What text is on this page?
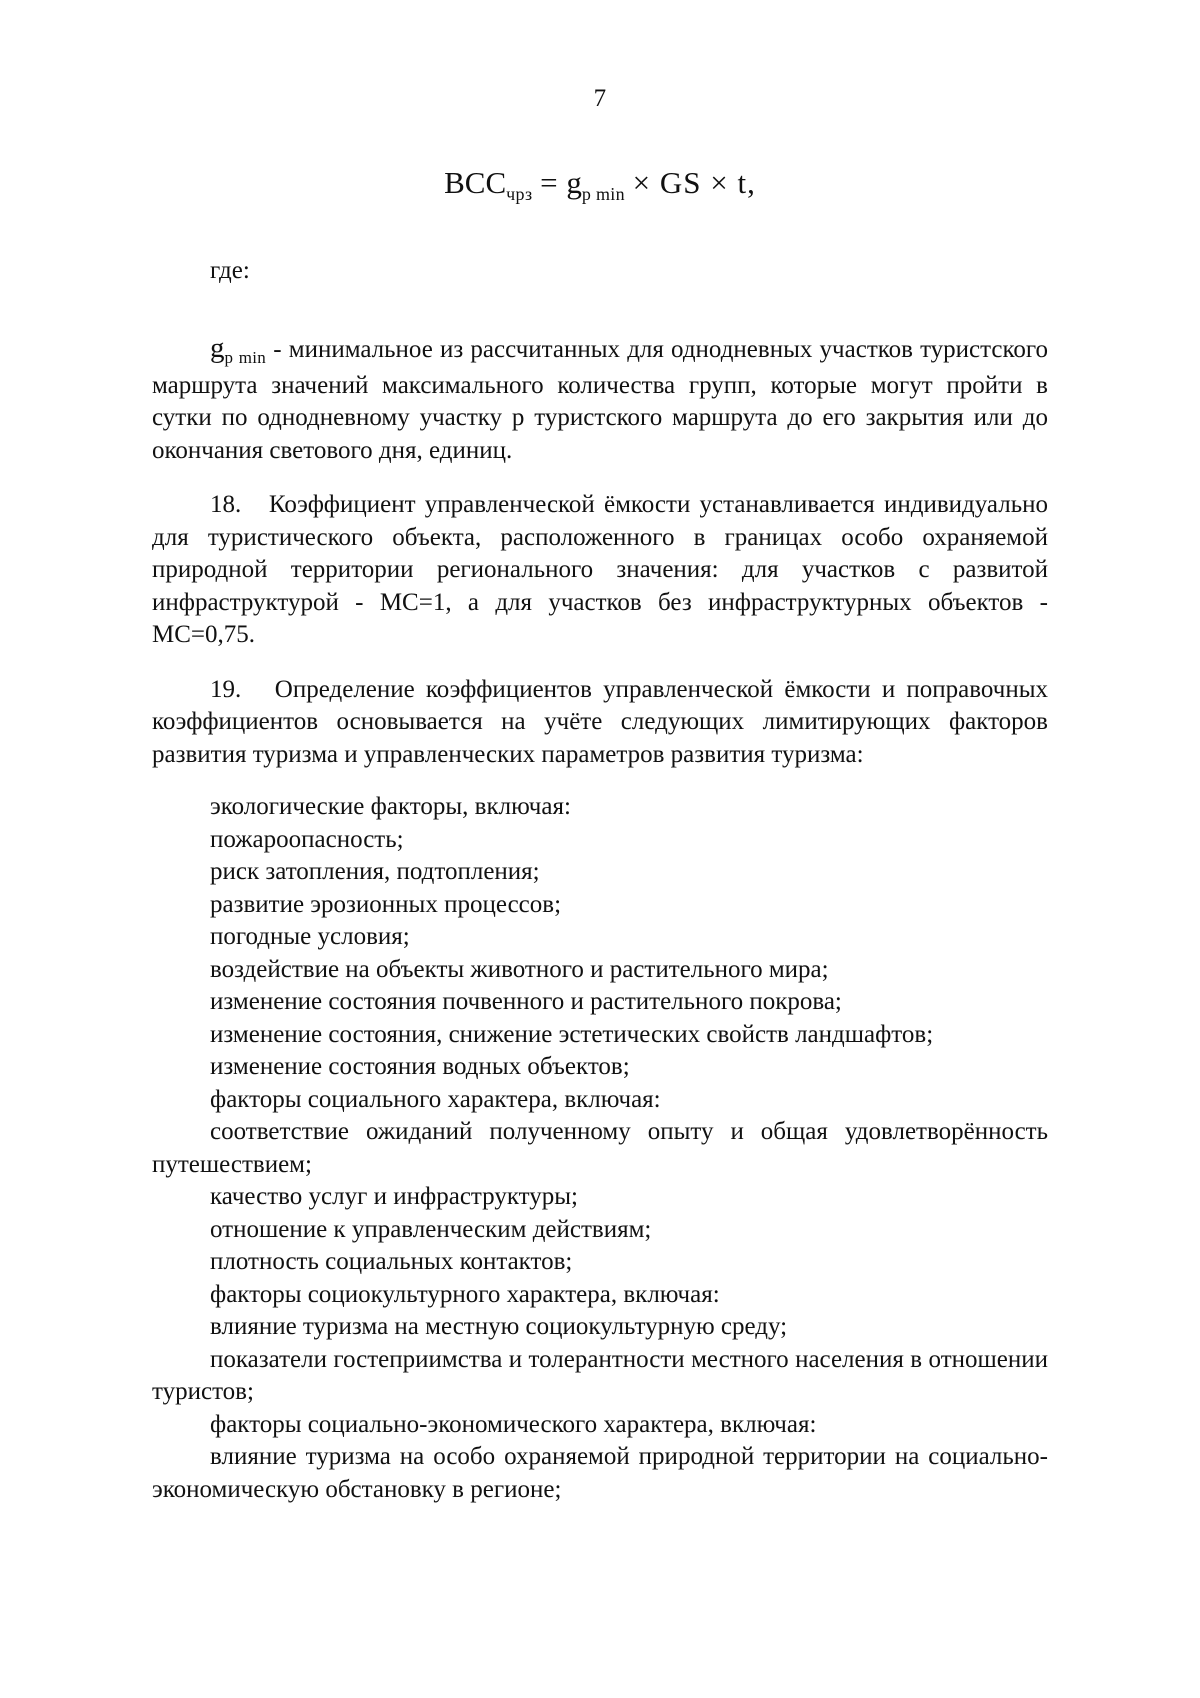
7
$BCC_{чрз} = g_{p min}$ × GS × t,
где:

$g_{p min}$ - минимальное из рассчитанных для однодневных участков туристского маршрута значений максимального количества групп, которые могут пройти в сутки по однодневному участку р туристского маршрута до его закрытия или до окончания светового дня, единиц.

18. Коэффициент управленческой ёмкости устанавливается индивидуально для туристического объекта, расположенного в границах особо охраняемой природной территории регионального значения: для участков с развитой инфраструктурой - MC=1, а для участков без инфраструктурных объектов - MC=0,75.

19. Определение коэффициентов управленческой ёмкости и поправочных коэффициентов основывается на учёте следующих лимитирующих факторов развития туризма и управленческих параметров развития туризма:

экологические факторы, включая:
пожароопасность;
риск затопления, подтопления;
развитие эрозионных процессов;
погодные условия;
воздействие на объекты животного и растительного мира;
изменение состояния почвенного и растительного покрова;
изменение состояния, снижение эстетических свойств ландшафтов;
изменение состояния водных объектов;
факторы социального характера, включая:
соответствие ожиданий полученному опыту и общая удовлетворённость путешествием;
качество услуг и инфраструктуры;
отношение к управленческим действиям;
плотность социальных контактов;
факторы социокультурного характера, включая:
влияние туризма на местную социокультурную среду;
показатели гостеприимства и толерантности местного населения в отношении туристов;
факторы социально-экономического характера, включая:
влияние туризма на особо охраняемой природной территории на социально-экономическую обстановку в регионе;
